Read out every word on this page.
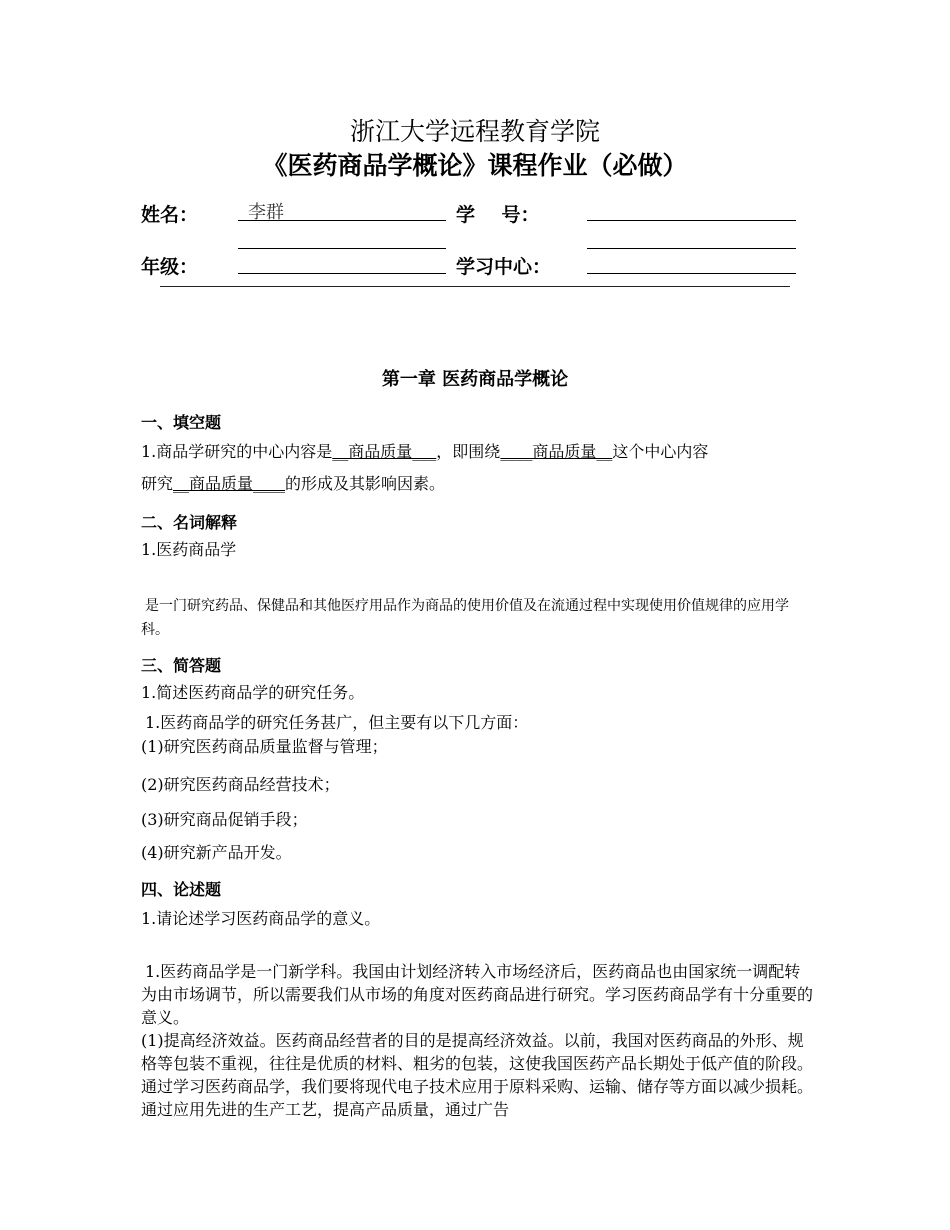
浙江大学远程教育学院
《医药商品学概论》课程作业（必做）
姓名：	李群	学    号：
年级：	学习中心：
第一章 医药商品学概论
一、填空题
1.商品学研究的中心内容是__商品质量___，即围绕____商品质量__这个中心内容
研究__商品质量____的形成及其影响因素。
二、名词解释
1.医药商品学
是一门研究药品、保健品和其他医疗用品作为商品的使用价值及在流通过程中实现使用价值规律的应用学科。
三、简答题
1.简述医药商品学的研究任务。
1.医药商品学的研究任务甚广，但主要有以下几方面：
(1)研究医药商品质量监督与管理；
(2)研究医药商品经营技术；
(3)研究商品促销手段；
(4)研究新产品开发。
四、论述题
1.请论述学习医药商品学的意义。
1.医药商品学是一门新学科。我国由计划经济转入市场经济后，医药商品也由国家统一调配转为由市场调节，所以需要我们从市场的角度对医药商品进行研究。学习医药商品学有十分重要的意义。
(1)提高经济效益。医药商品经营者的目的是提高经济效益。以前，我国对医药商品的外形、规格等包装不重视，往往是优质的材料、粗劣的包装，这使我国医药产品长期处于低产值的阶段。通过学习医药商品学，我们要将现代电子技术应用于原料采购、运输、储存等方面以减少损耗。通过应用先进的生产工艺，提高产品质量，通过广告
